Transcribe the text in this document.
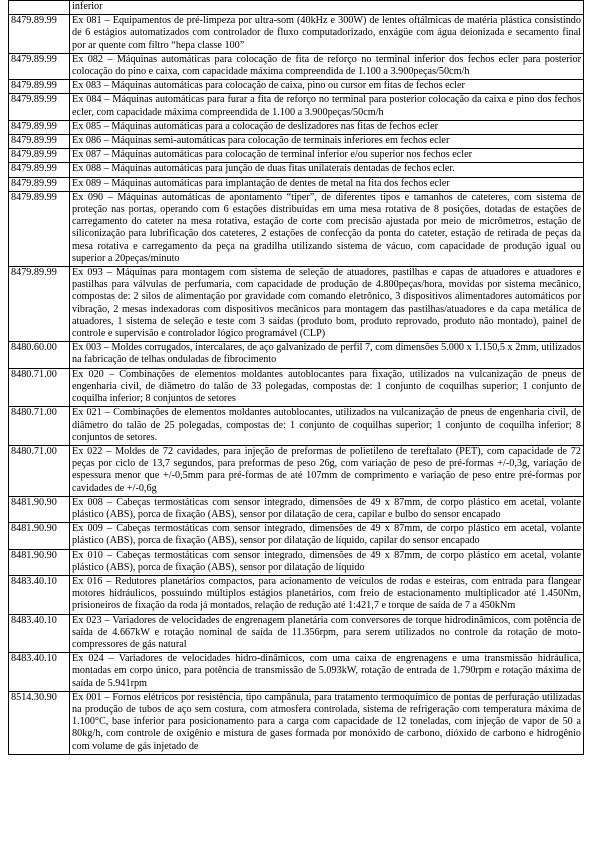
	inferior
8479.89.99	Ex 081 – Equipamentos de pré-limpeza por ultra-som (40kHz e 300W) de lentes oftálmicas de matéria plástica consistindo de 6 estágios automatizados com controlador de fluxo computadorizado, enxágüe com água deionizada e secamento final por ar quente com filtro “hepa classe 100”
8479.89.99	Ex 082 – Máquinas automáticas para colocação de fita de reforço no terminal inferior dos fechos ecler para posterior colocação do pino e caixa, com capacidade máxima compreendida de 1.100 a 3.900peças/50cm/h
8479.89.99	Ex 083 – Máquinas automáticas para colocação de caixa, pino ou cursor em fitas de fechos ecler
8479.89.99	Ex 084 – Máquinas automáticas para furar a fita de reforço no terminal para posterior colocação da caixa e pino dos fechos ecler, com capacidade máxima compreendida de 1.100 a 3.900peças/50cm/h
8479.89.99	Ex 085 – Máquinas automáticas para a colocação de deslizadores nas fitas de fechos ecler
8479.89.99	Ex 086 – Máquinas semi-automáticas para colocação de terminais inferiores em fechos ecler
8479.89.99	Ex 087 – Máquinas automáticas para colocação de terminal inferior e/ou superior nos fechos ecler
8479.89.99	Ex 088 – Máquinas automáticas para junção de duas fitas unilaterais dentadas de fechos ecler.
8479.89.99	Ex 089 – Máquinas automáticas para implantação de dentes de metal na fita dos fechos ecler
8479.89.99	Ex 090 – Máquinas automáticas de apontamento “tiper”, de diferentes tipos e tamanhos de cateteres, com sistema de proteção nas portas, operando com 6 estações distribuídas em uma mesa rotativa de 8 posições, dotadas de estações de carregamento do cateter na mesa rotativa, estação de corte com precisão ajustada por meio de micrômetros, estação de siliconização para lubrificação dos cateteres, 2 estações de confecção da ponta do cateter, estação de retirada de peças da mesa rotativa e carregamento da peça na gradilha utilizando sistema de vácuo, com capacidade de produção igual ou superior a 20peças/minuto
8479.89.99	Ex 093 – Máquinas para montagem com sistema de seleção de atuadores, pastilhas e capas de atuadores e atuadores e pastilhas para válvulas de perfumaria, com capacidade de produção de 4.800peças/hora, movidas por sistema mecânico, compostas de: 2 silos de alimentação por gravidade com comando eletrônico, 3 dispositivos alimentadores automáticos por vibração, 2 mesas indexadoras com dispositivos mecânicos para montagem das pastilhas/atuadores e da capa metálica de atuadores, 1 sistema de seleção e teste com 3 saídas (produto bom, produto reprovado, produto não montado), painel de controle e supervisão e controlador lógico programável (CLP)
8480.60.00	Ex 003 – Moldes corrugados, intercalares, de aço galvanizado de perfil 7, com dimensões 5.000 x 1.150,5 x 2mm, utilizados na fabricação de telhas onduladas de fibrocimento
8480.71.00	Ex 020 – Combinações de elementos moldantes autoblocantes para fixação, utilizados na vulcanização de pneus de engenharia civil, de diâmetro do talão de 33 polegadas, compostas de: 1 conjunto de coquilhas superior; 1 conjunto de coquilha inferior; 8 conjuntos de setores
8480.71.00	Ex 021 – Combinações de elementos moldantes autoblocantes, utilizados na vulcanização de pneus de engenharia civil, de diâmetro do talão de 25 polegadas, compostas de: 1 conjunto de coquilhas superior; 1 conjunto de coquilha inferior; 8 conjuntos de setores.
8480.71.00	Ex 022 – Moldes de 72 cavidades, para injeção de preformas de polietileno de tereftalato (PET), com capacidade de 72 peças por ciclo de 13,7 segundos, para preformas de peso 26g, com variação de peso de pré-formas +/-0,3g, variação de espessura menor que +/-0,5mm para pré-formas de até 107mm de comprimento e variação de peso entre pré-formas por cavidades de +/-0,6g
8481.90.90	Ex 008 – Cabeças termostáticas com sensor integrado, dimensões de 49 x 87mm, de corpo plástico em acetal, volante plástico (ABS), porca de fixação (ABS), sensor por dilatação de cera, capilar e bulbo do sensor encapado
8481.90.90	Ex 009 – Cabeças termostáticas com sensor integrado, dimensões de 49 x 87mm, de corpo plástico em acetal, volante plástico (ABS), porca de fixação (ABS), sensor por dilatação de líquido, capilar do sensor encapado
8481.90.90	Ex 010 – Cabeças termostáticas com sensor integrado, dimensões de 49 x 87mm, de corpo plástico em acetal, volante plástico (ABS), porca de fixação (ABS), sensor por dilatação de líquido
8483.40.10	Ex 016 – Redutores planetários compactos, para acionamento de veículos de rodas e esteiras, com entrada para flangear motores hidráulicos, possuindo múltiplos estágios planetários, com freio de estacionamento multiplicador até 1.450Nm, prisioneiros de fixação da roda já montados, relação de redução até 1:421,7 e torque de saída de 7 a 450kNm
8483.40.10	Ex 023 – Variadores de velocidades de engrenagem planetária com conversores de torque hidrodinâmicos, com potência de saída de 4.667kW e rotação nominal de saída de 11.356rpm, para serem utilizados no controle da rotação de moto- compressores de gás natural
8483.40.10	Ex 024 – Variadores de velocidades hidro-dinâmicos, com uma caixa de engrenagens e uma transmissão hidráulica, montadas em corpo único, para potência de transmissão de 5.093kW, rotação de entrada de 1.790rpm e rotação máxima de saída de 5.941rpm
8514.30.90	Ex 001 – Fornos elétricos por resistência, tipo campânula, para tratamento termoquímico de pontas de perfuração utilizadas na produção de tubos de aço sem costura, com atmosfera controlada, sistema de refrigeração com temperatura máxima de 1.100°C, base inferior para posicionamento para a carga com capacidade de 12 toneladas, com injeção de vapor de 50 a 80kg/h, com controle de oxigênio e mistura de gases formada por monóxido de carbono, dióxido de carbono e hidrogênio com volume de gás injetado de
